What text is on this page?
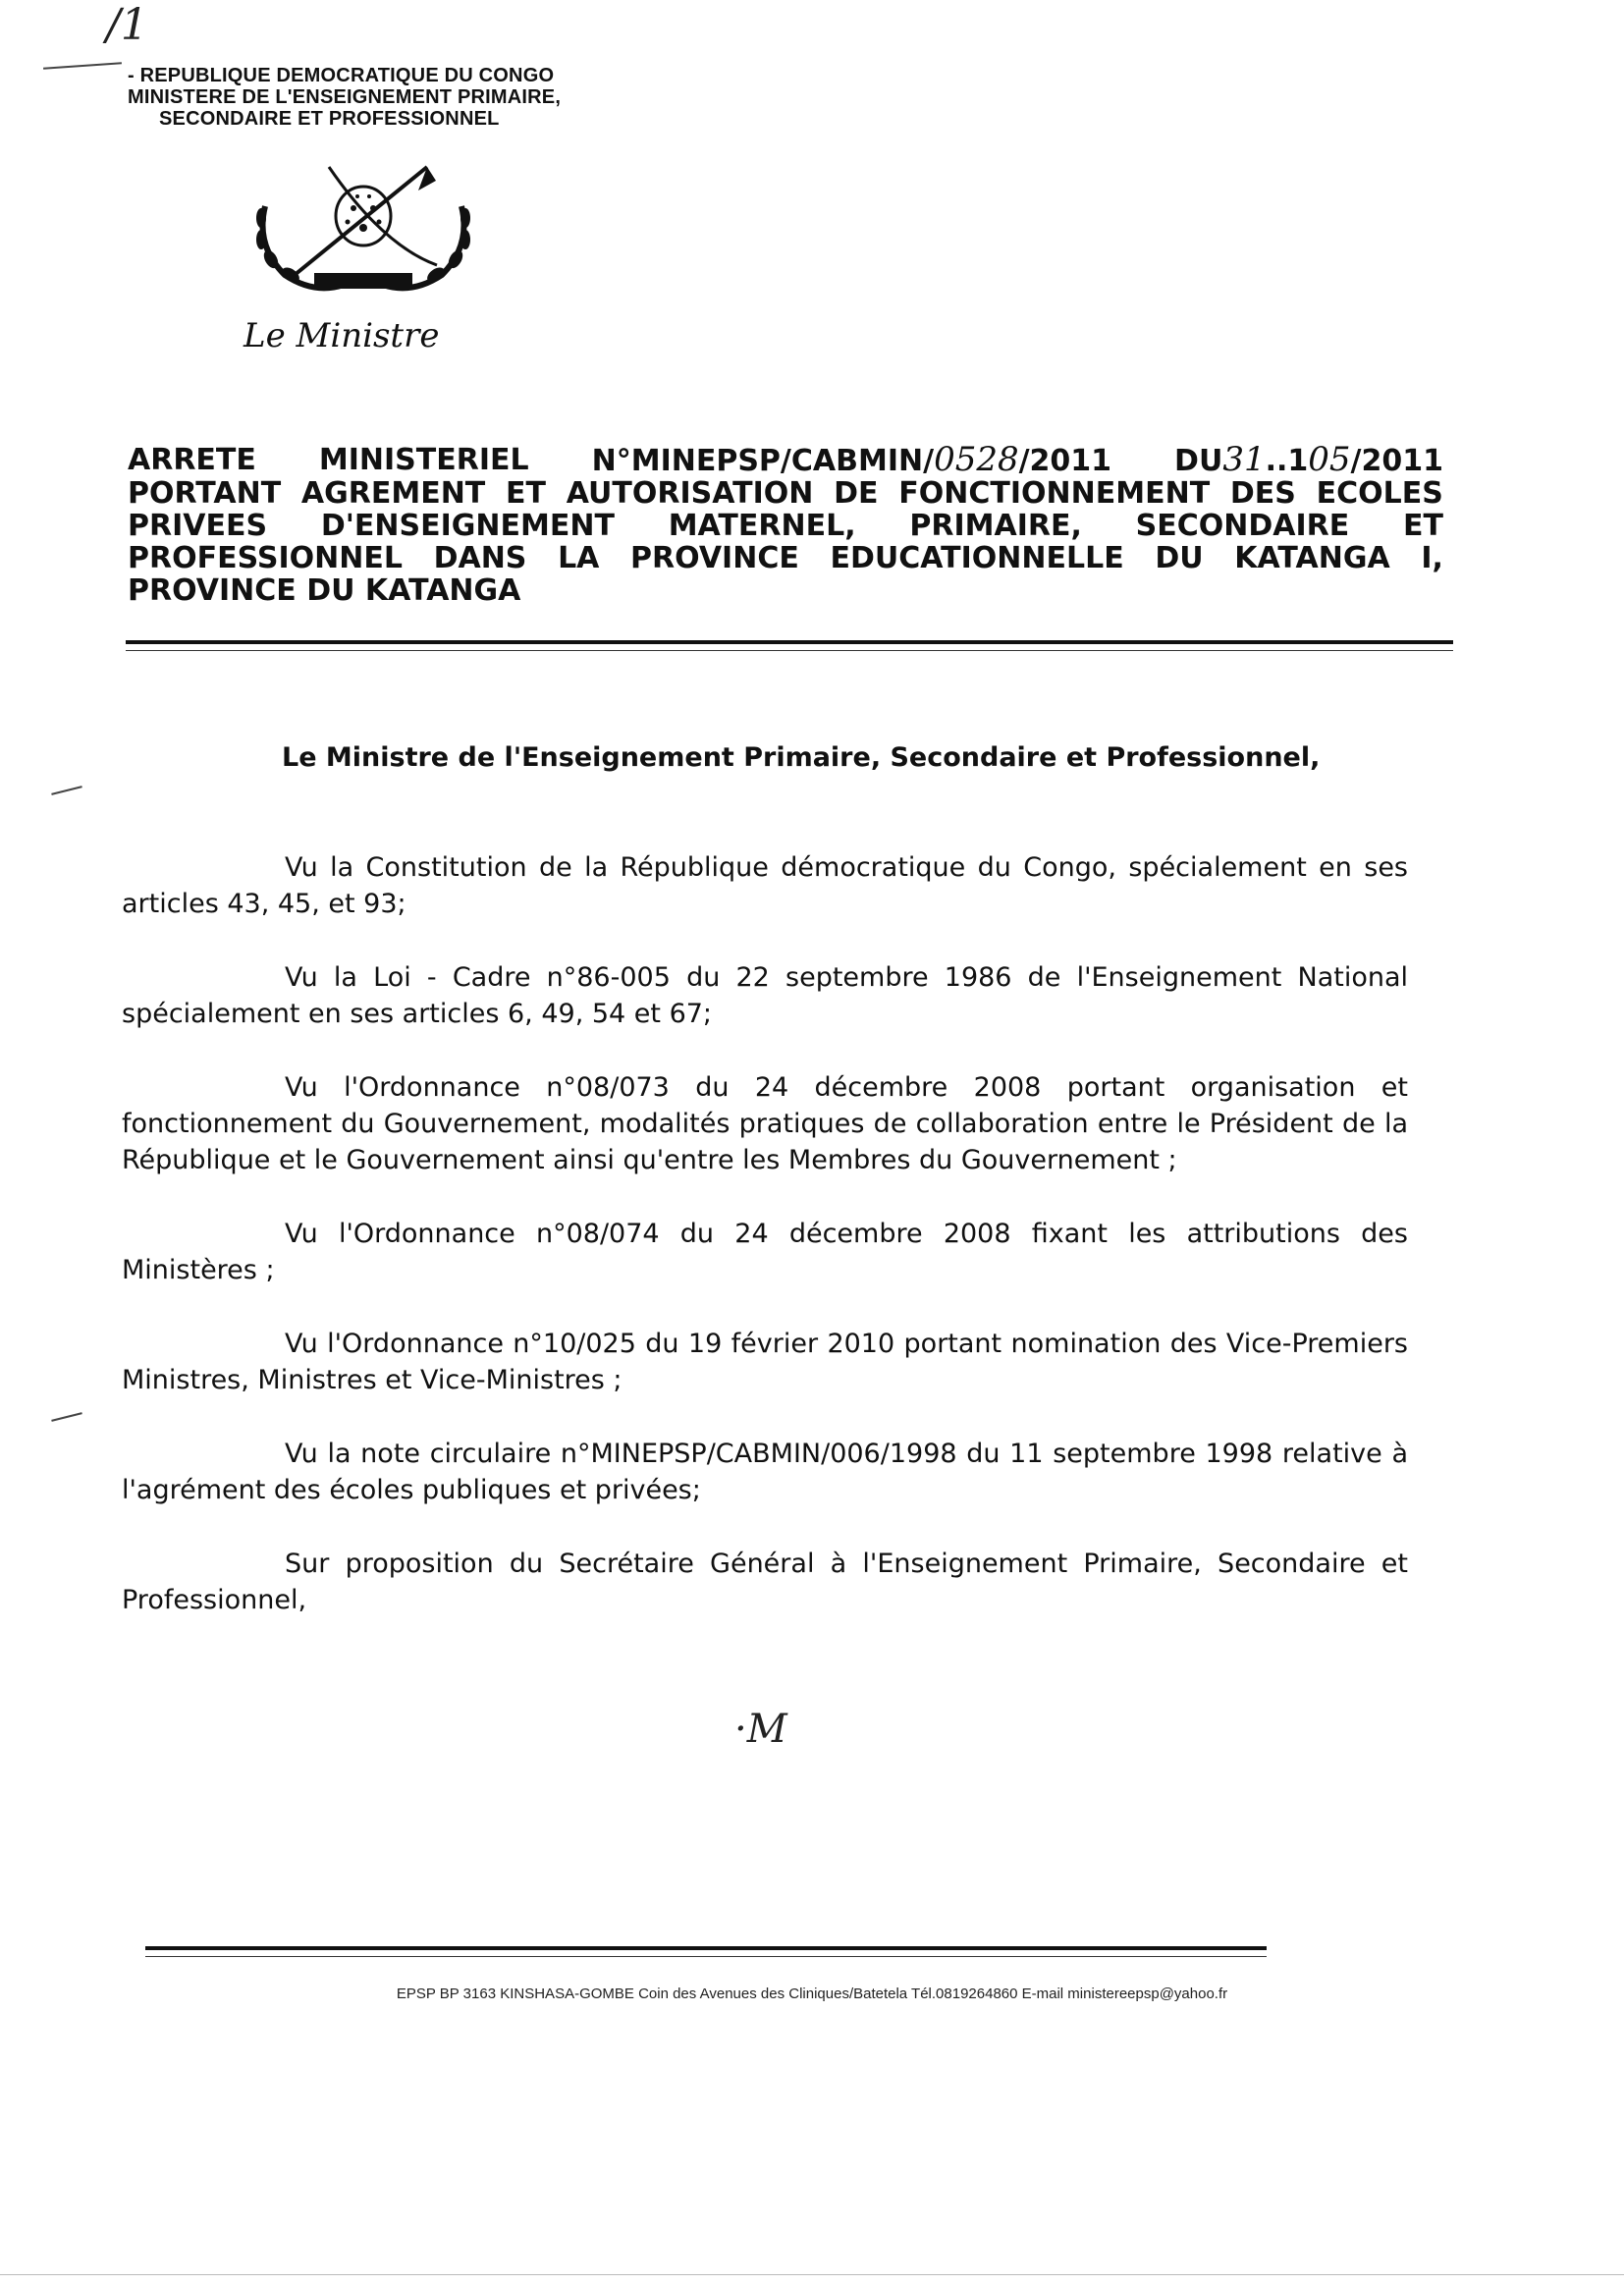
/1
- REPUBLIQUE DEMOCRATIQUE DU CONGO
MINISTERE DE L'ENSEIGNEMENT PRIMAIRE,
SECONDAIRE ET PROFESSIONNEL
Le Ministre
ARRETE MINISTERIEL N°MINEPSP/CABMIN/0528/2011 DU31..105/2011
PORTANT AGREMENT ET AUTORISATION DE FONCTIONNEMENT DES ECOLES
PRIVEES D'ENSEIGNEMENT MATERNEL, PRIMAIRE, SECONDAIRE ET
PROFESSIONNEL DANS LA PROVINCE EDUCATIONNELLE DU KATANGA I,
PROVINCE DU KATANGA
Le Ministre de l'Enseignement Primaire, Secondaire et Professionnel,
Vu la Constitution de la République démocratique du Congo, spécialement en ses articles 43, 45, et 93;
Vu la Loi - Cadre n°86-005 du 22 septembre 1986 de l'Enseignement National spécialement en ses articles 6, 49, 54 et 67;
Vu l'Ordonnance n°08/073 du 24 décembre 2008 portant organisation et fonctionnement du Gouvernement, modalités pratiques de collaboration entre le Président de la République et le Gouvernement ainsi qu'entre les Membres du Gouvernement ;
Vu l'Ordonnance n°08/074 du 24 décembre 2008 fixant les attributions des Ministères ;
Vu l'Ordonnance n°10/025 du 19 février 2010 portant nomination des Vice-Premiers Ministres, Ministres et Vice-Ministres ;
Vu la note circulaire n°MINEPSP/CABMIN/006/1998 du 11 septembre 1998 relative à l'agrément des écoles publiques et privées;
Sur proposition du Secrétaire Général à l'Enseignement Primaire, Secondaire et Professionnel,
·M
EPSP BP 3163 KINSHASA-GOMBE Coin des Avenues des Cliniques/Batetela Tél.0819264860 E-mail ministereepsp@yahoo.fr
